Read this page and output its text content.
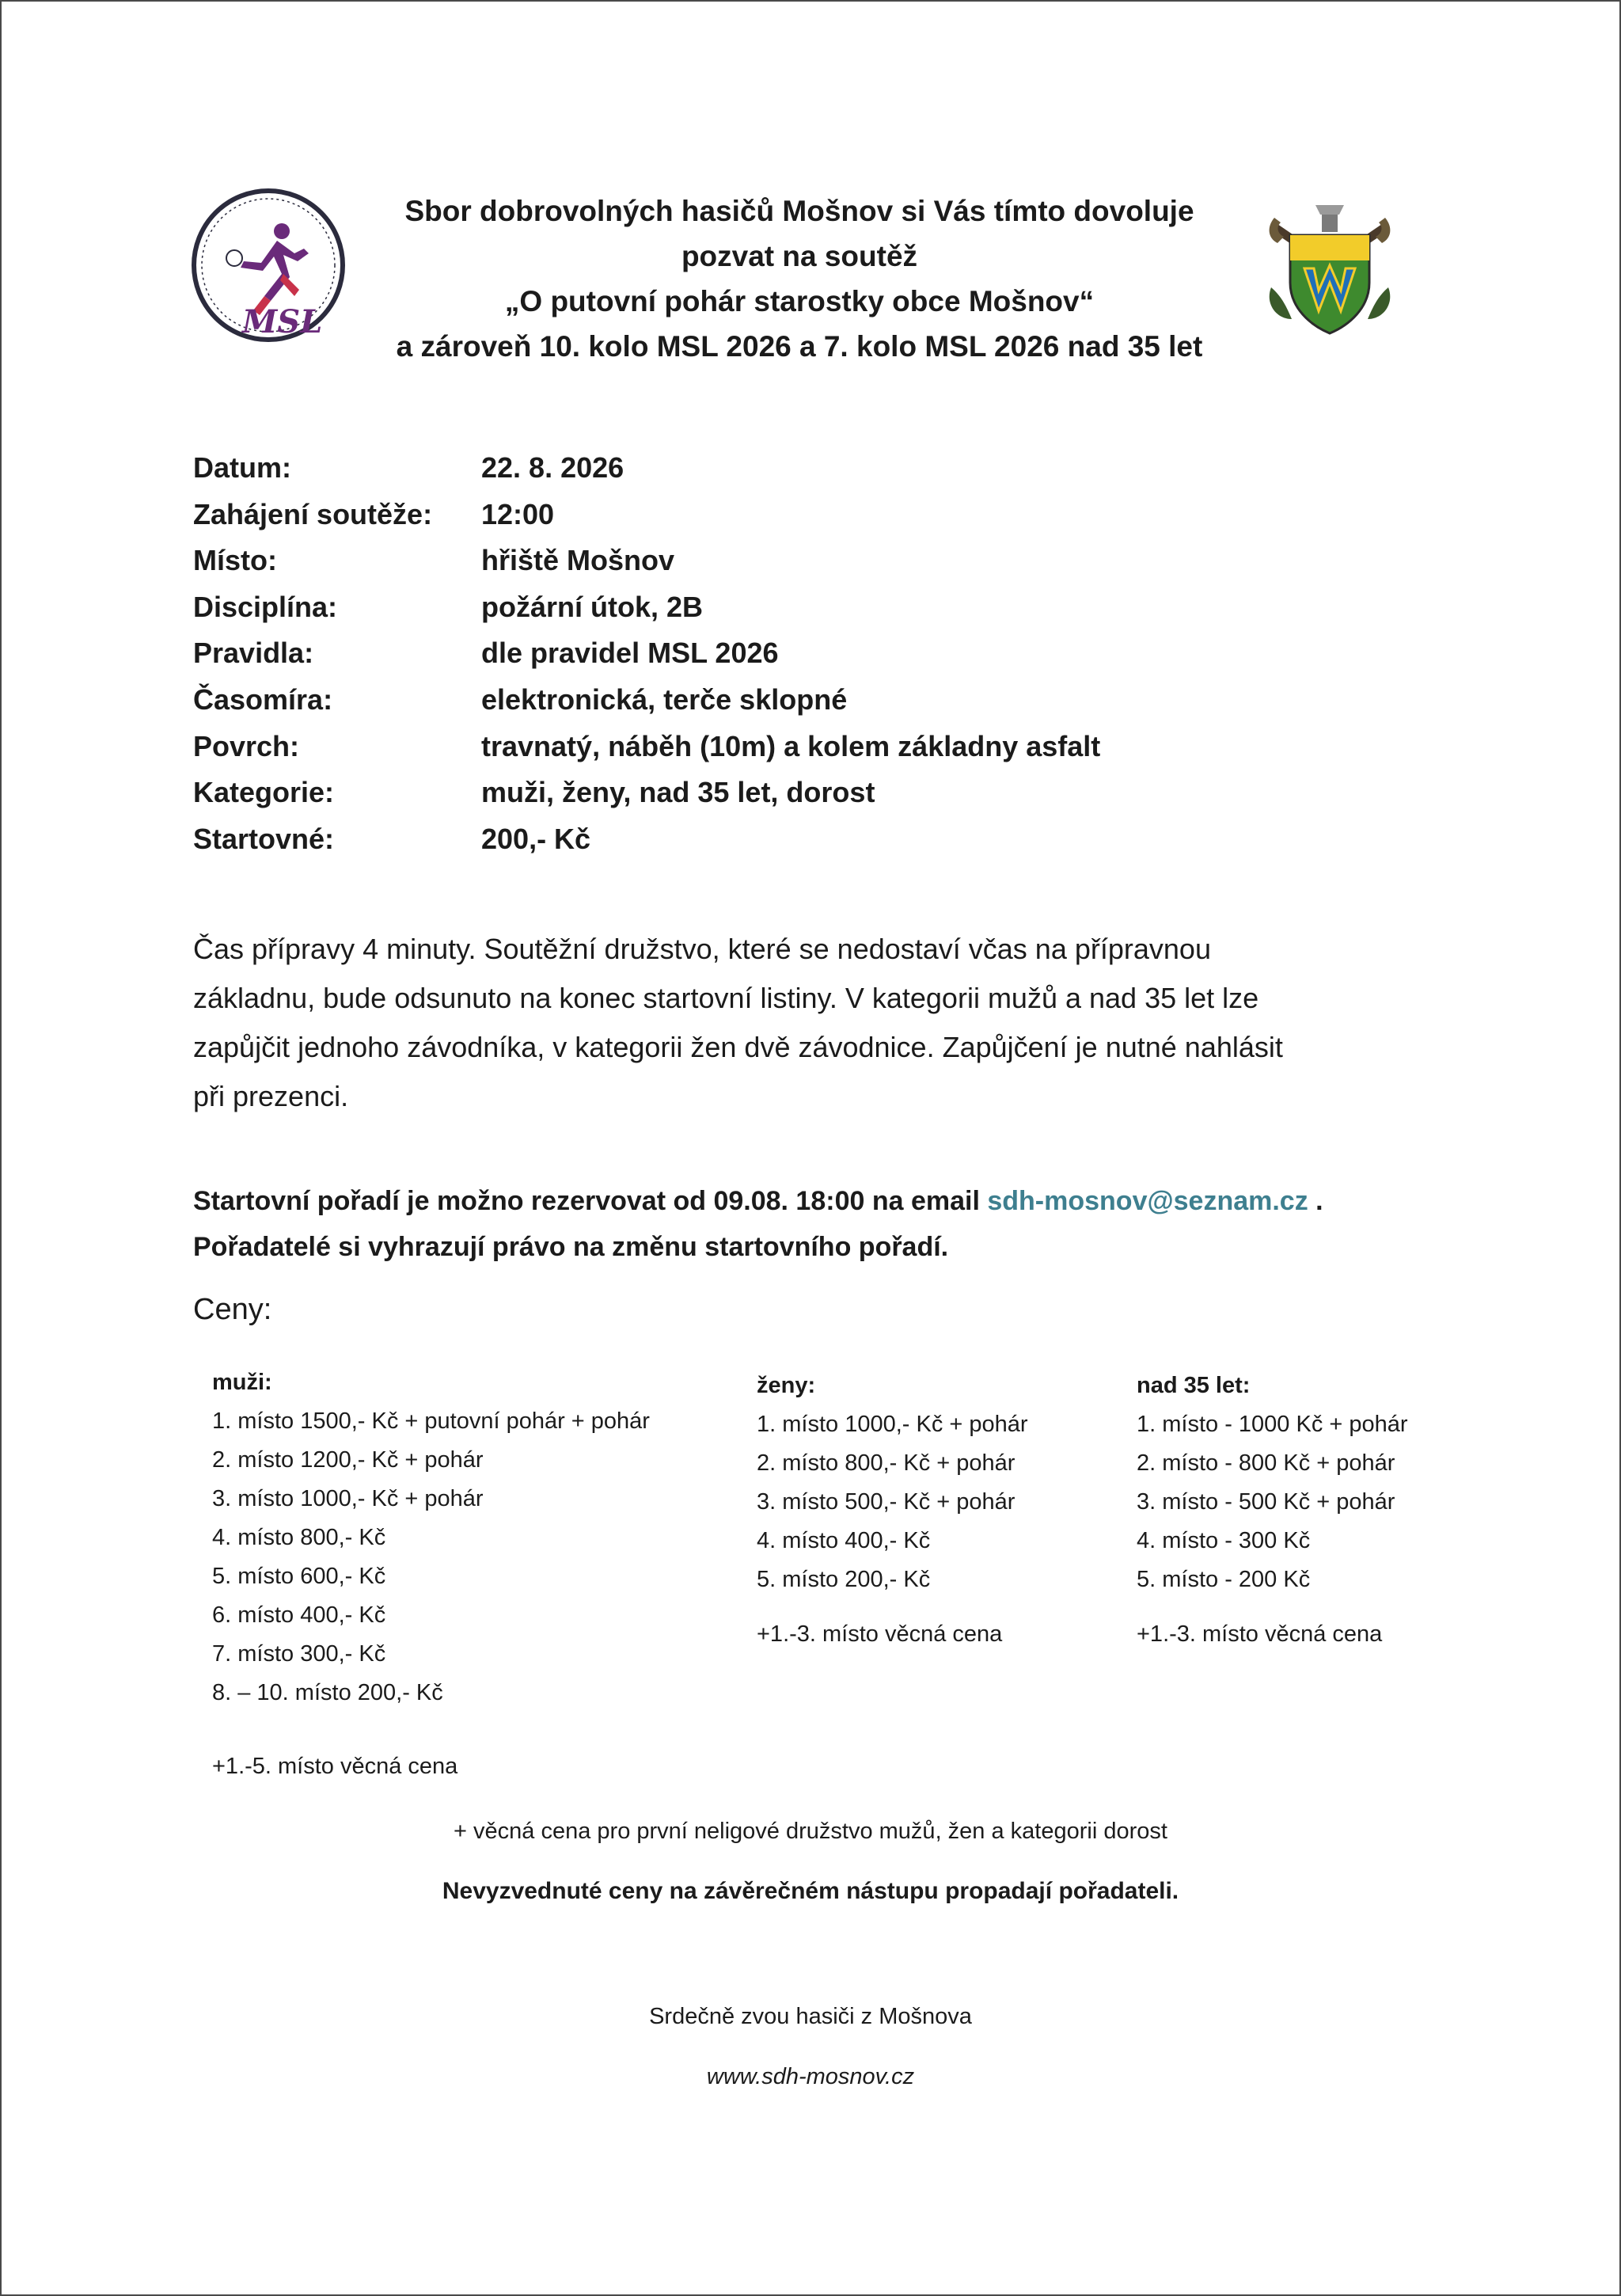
MSL
Sbor dobrovolných hasičů Mošnov si Vás tímto dovoluje
pozvat na soutěž
„O putovní pohár starostky obce Mošnov“
a zároveň 10. kolo MSL 2026 a 7. kolo MSL 2026 nad 35 let
Datum:	22. 8. 2026
Zahájení soutěže: 12:00
Místo:	hřiště Mošnov
Disciplína:	požární útok, 2B
Pravidla:	dle pravidel MSL 2026
Časomíra:	elektronická, terče sklopné
Povrch:	travnatý, náběh (10m) a kolem základny asfalt
Kategorie:	muži, ženy, nad 35 let, dorost
Startovné:	200,- Kč
Čas přípravy 4 minuty. Soutěžní družstvo, které se nedostaví včas na přípravnou
základnu, bude odsunuto na konec startovní listiny. V kategorii mužů a nad 35 let lze
zapůjčit jednoho závodníka, v kategorii žen dvě závodnice. Zapůjčení je nutné nahlásit
při prezenci.
Startovní pořadí je možno rezervovat od 09.08. 18:00 na email sdh-mosnov@seznam.cz .
Pořadatelé si vyhrazují právo na změnu startovního pořadí.
Ceny:
muži:
1. místo 1500,- Kč + putovní pohár + pohár
2. místo 1200,- Kč + pohár
3. místo 1000,- Kč + pohár
4. místo 800,- Kč
5. místo 600,- Kč
6. místo 400,- Kč
7. místo 300,- Kč
8. – 10. místo 200,- Kč
+1.-5. místo věcná cena
ženy:
1. místo 1000,- Kč + pohár
2. místo 800,- Kč + pohár
3. místo 500,- Kč + pohár
4. místo 400,- Kč
5. místo 200,- Kč
+1.-3. místo věcná cena
nad 35 let:
1. místo - 1000 Kč + pohár
2. místo - 800 Kč + pohár
3. místo - 500 Kč + pohár
4. místo - 300 Kč
5. místo - 200 Kč
+1.-3. místo věcná cena
+ věcná cena pro první neligové družstvo mužů, žen a kategorii dorost
Nevyzvednuté ceny na závěrečném nástupu propadají pořadateli.
Srdečně zvou hasiči z Mošnova
www.sdh-mosnov.cz
